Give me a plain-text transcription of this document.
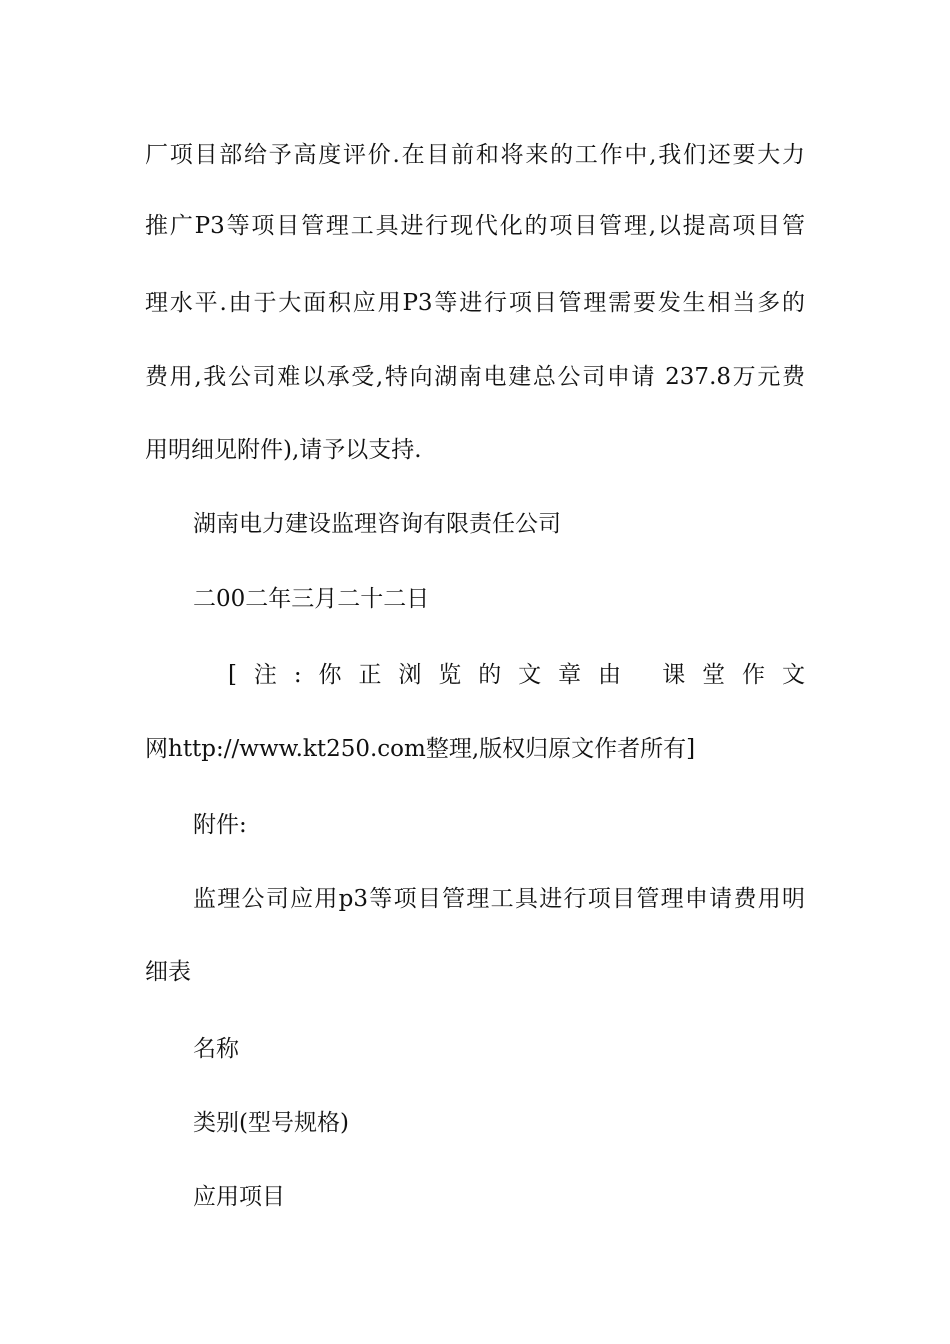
厂项目部给予高度评价.在目前和将来的工作中,我们还要大力
推广P3等项目管理工具进行现代化的项目管理,以提高项目管
理水平.由于大面积应用P3等进行项目管理需要发生相当多的
费用,我公司难以承受,特向湖南电建总公司申请 237.8万元费
用明细见附件),请予以支持.
湖南电力建设监理咨询有限责任公司
二00二年三月二十二日
[注:你正浏览的文章由 课堂作文
网http://www.kt250.com整理,版权归原文作者所有]
附件:
监理公司应用p3等项目管理工具进行项目管理申请费用明
细表
名称
类别(型号规格)
应用项目
